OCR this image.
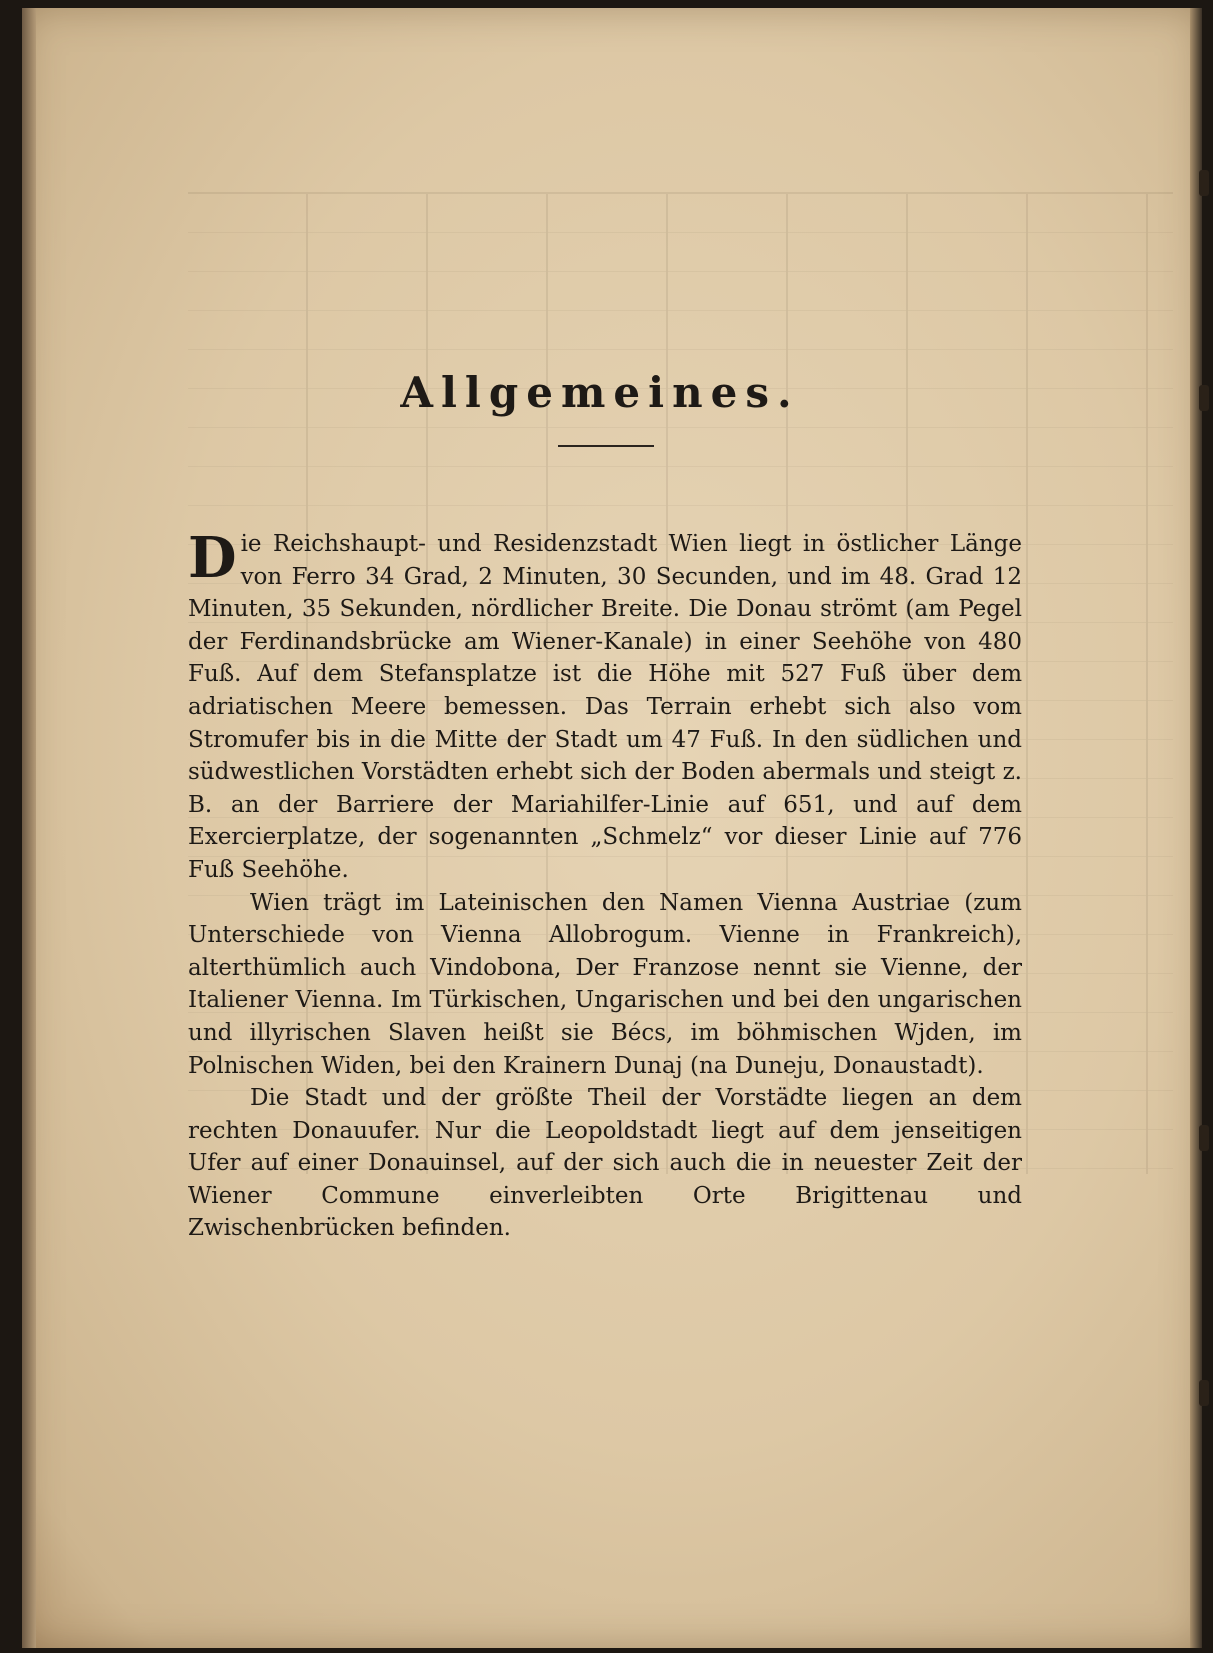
Allgemeines.

Die Reichshaupt- und Residenzstadt Wien liegt in östlicher Länge von Ferro 34 Grad, 2 Minuten, 30 Secunden, und im 48. Grad 12 Minuten, 35 Sekunden, nördlicher Breite. Die Donau strömt (am Pegel der Ferdinandsbrücke am Wiener-Kanale) in einer Seehöhe von 480 Fuß. Auf dem Stefansplatze ist die Höhe mit 527 Fuß über dem adriatischen Meere bemessen. Das Terrain erhebt sich also vom Stromufer bis in die Mitte der Stadt um 47 Fuß. In den südlichen und südwestlichen Vorstädten erhebt sich der Boden abermals und steigt z. B. an der Barriere der Mariahilfer-Linie auf 651, und auf dem Exercierplatze, der sogenannten „Schmelz“ vor dieser Linie auf 776 Fuß Seehöhe.

Wien trägt im Lateinischen den Namen Vienna Austriae (zum Unterschiede von Vienna Allobrogum. Vienne in Frankreich), alterthümlich auch Vindobona, Der Franzose nennt sie Vienne, der Italiener Vienna. Im Türkischen, Ungarischen und bei den ungarischen und illyrischen Slaven heißt sie Bécs, im böhmischen Wjden, im Polnischen Widen, bei den Krainern Dunaj (na Duneju, Donaustadt).

Die Stadt und der größte Theil der Vorstädte liegen an dem rechten Donauufer. Nur die Leopoldstadt liegt auf dem jenseitigen Ufer auf einer Donauinsel, auf der sich auch die in neuester Zeit der Wiener Commune einverleibten Orte Brigittenau und Zwischenbrücken befinden.
